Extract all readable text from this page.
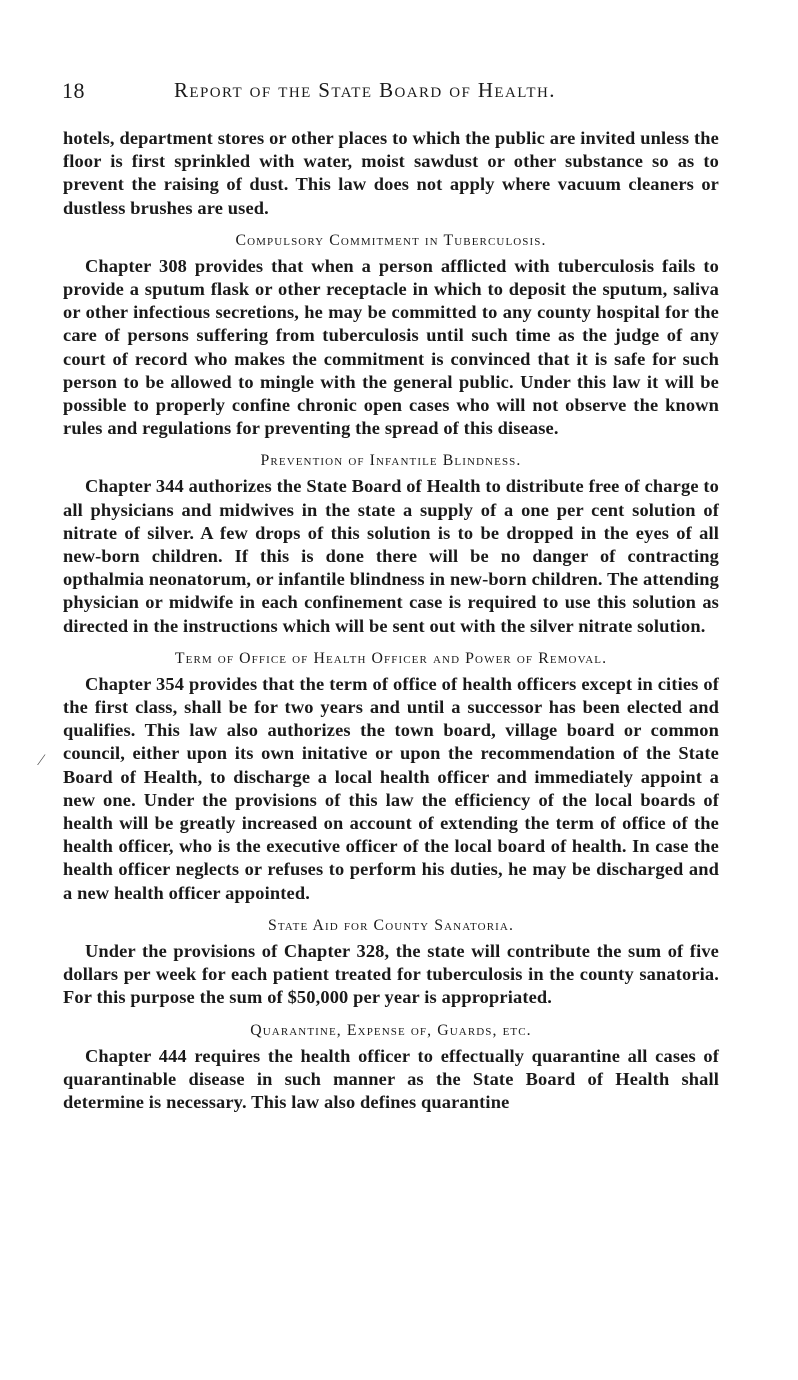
18	Report of the State Board of Health.
⁄

hotels, department stores or other places to which the public are invited unless the floor is first sprinkled with water, moist sawdust or other substance so as to prevent the raising of dust. This law does not apply where vacuum cleaners or dustless brushes are used.

Compulsory Commitment in Tuberculosis.

Chapter 308 provides that when a person afflicted with tuberculosis fails to provide a sputum flask or other receptacle in which to deposit the sputum, saliva or other infectious secretions, he may be committed to any county hospital for the care of persons suffering from tuberculosis until such time as the judge of any court of record who makes the commitment is convinced that it is safe for such person to be allowed to mingle with the general public. Under this law it will be possible to properly confine chronic open cases who will not observe the known rules and regulations for preventing the spread of this disease.

Prevention of Infantile Blindness.

Chapter 344 authorizes the State Board of Health to distribute free of charge to all physicians and midwives in the state a supply of a one per cent solution of nitrate of silver. A few drops of this solution is to be dropped in the eyes of all new-born children. If this is done there will be no danger of contracting opthalmia neonatorum, or infantile blindness in new-born children. The attending physician or midwife in each confinement case is required to use this solution as directed in the instructions which will be sent out with the silver nitrate solution.

Term of Office of Health Officer and Power of Removal.

Chapter 354 provides that the term of office of health officers except in cities of the first class, shall be for two years and until a successor has been elected and qualifies. This law also authorizes the town board, village board or common council, either upon its own initative or upon the recommendation of the State Board of Health, to discharge a local health officer and immediately appoint a new one. Under the provisions of this law the efficiency of the local boards of health will be greatly increased on account of extending the term of office of the health officer, who is the executive officer of the local board of health. In case the health officer neglects or refuses to perform his duties, he may be discharged and a new health officer appointed.

State Aid for County Sanatoria.

Under the provisions of Chapter 328, the state will contribute the sum of five dollars per week for each patient treated for tuberculosis in the county sanatoria. For this purpose the sum of $50,000 per year is appropriated.

Quarantine, Expense of, Guards, etc.

Chapter 444 requires the health officer to effectually quarantine all cases of quarantinable disease in such manner as the State Board of Health shall determine is necessary. This law also defines quarantine
